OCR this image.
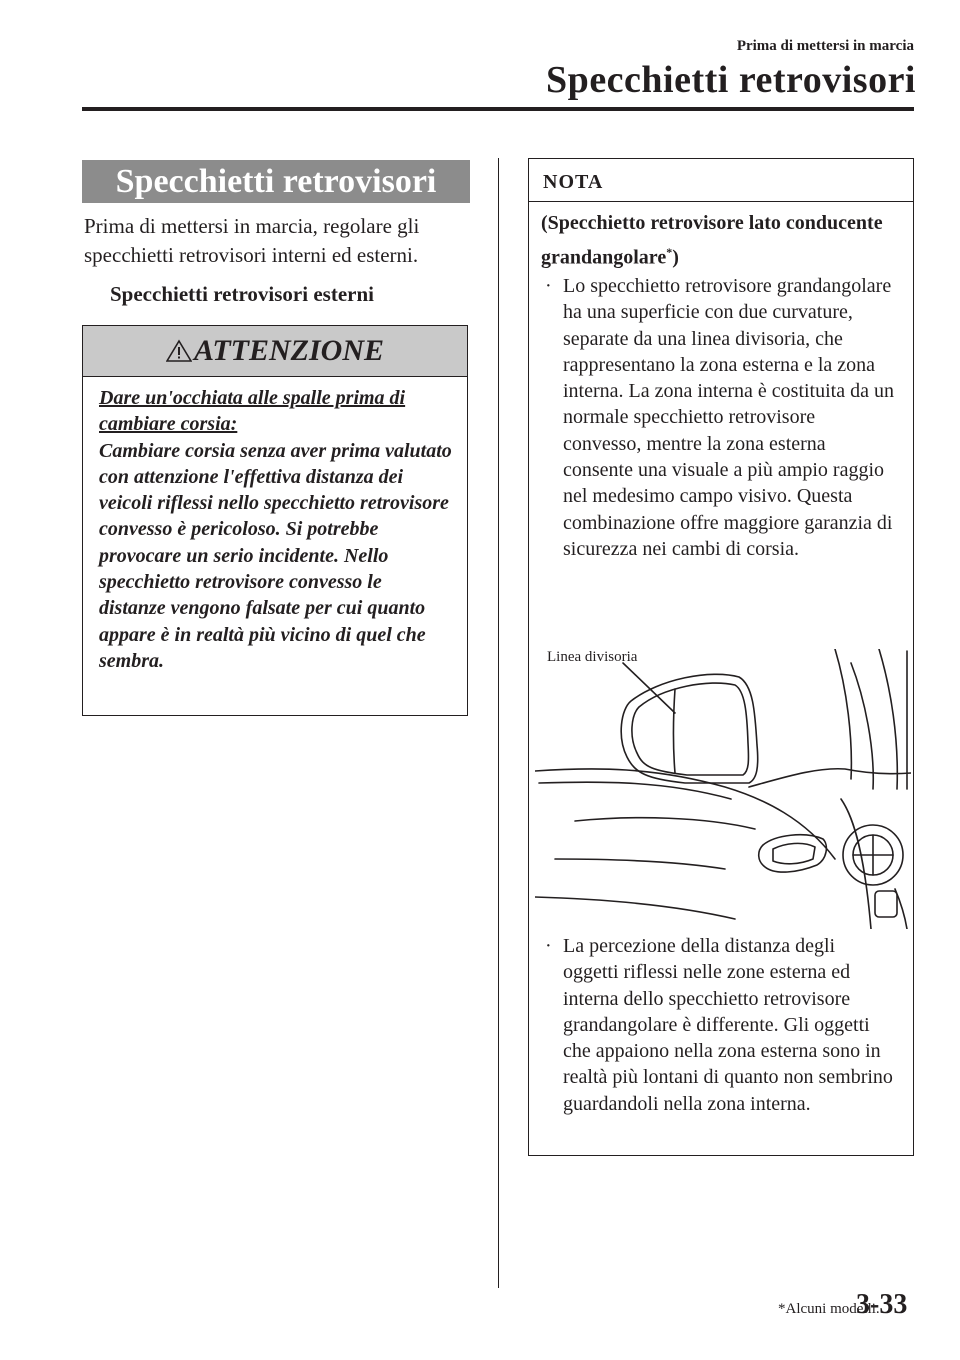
Prima di mettersi in marcia
Specchietti retrovisori
Specchietti retrovisori

Prima di mettersi in marcia, regolare gli specchietti retrovisori interni ed esterni.

Specchietti retrovisori esterni
ATTENZIONE
Dare un'occhiata alle spalle prima di cambiare corsia:
Cambiare corsia senza aver prima valutato con attenzione l'effettiva distanza dei veicoli riflessi nello specchietto retrovisore convesso è pericoloso. Si potrebbe provocare un serio incidente. Nello specchietto retrovisore convesso le distanze vengono falsate per cui quanto appare è in realtà più vicino di quel che sembra.
NOTA
(Specchietto retrovisore lato conducente grandangolare*)
· Lo specchietto retrovisore grandangolare ha una superficie con due curvature, separate da una linea divisoria, che rappresentano la zona esterna e la zona interna. La zona interna è costituita da un normale specchietto retrovisore convesso, mentre la zona esterna consente una visuale a più ampio raggio nel medesimo campo visivo. Questa combinazione offre maggiore garanzia di sicurezza nei cambi di corsia.
Linea divisoria
· La percezione della distanza degli oggetti riflessi nelle zone esterna ed interna dello specchietto retrovisore grandangolare è differente. Gli oggetti che appaiono nella zona esterna sono in realtà più lontani di quanto non sembrino guardandoli nella zona interna.
*Alcuni modelli.
3-33
